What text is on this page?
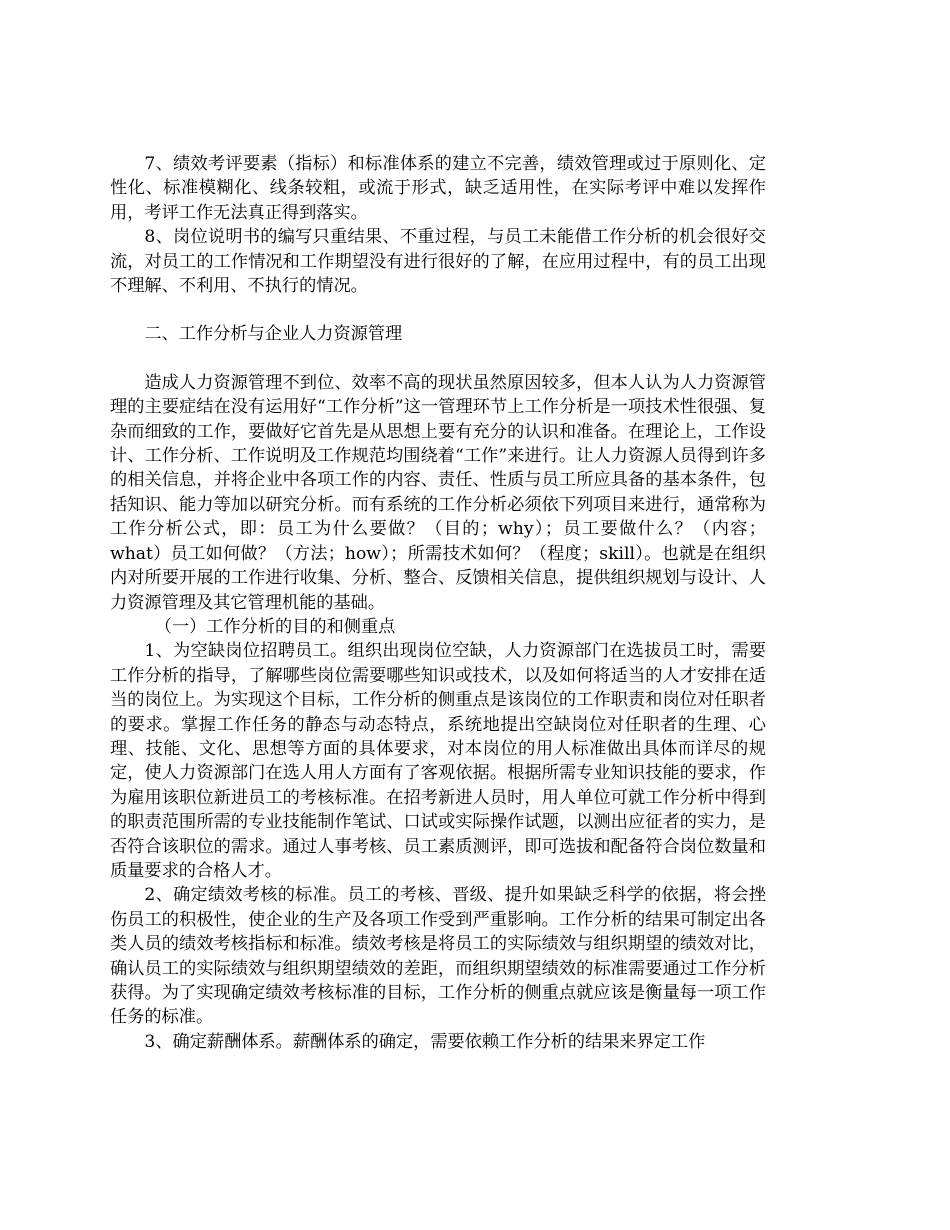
7、绩效考评要素（指标）和标准体系的建立不完善，绩效管理或过于原则化、定性化、标准模糊化、线条较粗，或流于形式，缺乏适用性，在实际考评中难以发挥作用，考评工作无法真正得到落实。

8、岗位说明书的编写只重结果、不重过程，与员工未能借工作分析的机会很好交流，对员工的工作情况和工作期望没有进行很好的了解，在应用过程中，有的员工出现不理解、不利用、不执行的情况。

二、工作分析与企业人力资源管理

造成人力资源管理不到位、效率不高的现状虽然原因较多，但本人认为人力资源管理的主要症结在没有运用好“工作分析”这一管理环节上工作分析是一项技术性很强、复杂而细致的工作，要做好它首先是从思想上要有充分的认识和准备。在理论上，工作设计、工作分析、工作说明及工作规范均围绕着“工作”来进行。让人力资源人员得到许多的相关信息，并将企业中各项工作的内容、责任、性质与员工所应具备的基本条件，包括知识、能力等加以研究分析。而有系统的工作分析必须依下列项目来进行，通常称为工作分析公式，即：员工为什么要做？（目的；why）；员工要做什么？（内容；what）员工如何做？（方法；how）；所需技术如何？（程度；skill）。也就是在组织内对所要开展的工作进行收集、分析、整合、反馈相关信息，提供组织规划与设计、人力资源管理及其它管理机能的基础。

（一）工作分析的目的和侧重点

1、为空缺岗位招聘员工。组织出现岗位空缺，人力资源部门在选拔员工时，需要工作分析的指导，了解哪些岗位需要哪些知识或技术，以及如何将适当的人才安排在适当的岗位上。为实现这个目标，工作分析的侧重点是该岗位的工作职责和岗位对任职者的要求。掌握工作任务的静态与动态特点，系统地提出空缺岗位对任职者的生理、心理、技能、文化、思想等方面的具体要求，对本岗位的用人标准做出具体而详尽的规定，使人力资源部门在选人用人方面有了客观依据。根据所需专业知识技能的要求，作为雇用该职位新进员工的考核标准。在招考新进人员时，用人单位可就工作分析中得到的职责范围所需的专业技能制作笔试、口试或实际操作试题，以测出应征者的实力，是否符合该职位的需求。通过人事考核、员工素质测评，即可选拔和配备符合岗位数量和质量要求的合格人才。

2、确定绩效考核的标准。员工的考核、晋级、提升如果缺乏科学的依据，将会挫伤员工的积极性，使企业的生产及各项工作受到严重影响。工作分析的结果可制定出各类人员的绩效考核指标和标准。绩效考核是将员工的实际绩效与组织期望的绩效对比，确认员工的实际绩效与组织期望绩效的差距，而组织期望绩效的标准需要通过工作分析获得。为了实现确定绩效考核标准的目标，工作分析的侧重点就应该是衡量每一项工作任务的标准。

3、确定薪酬体系。薪酬体系的确定，需要依赖工作分析的结果来界定工作
